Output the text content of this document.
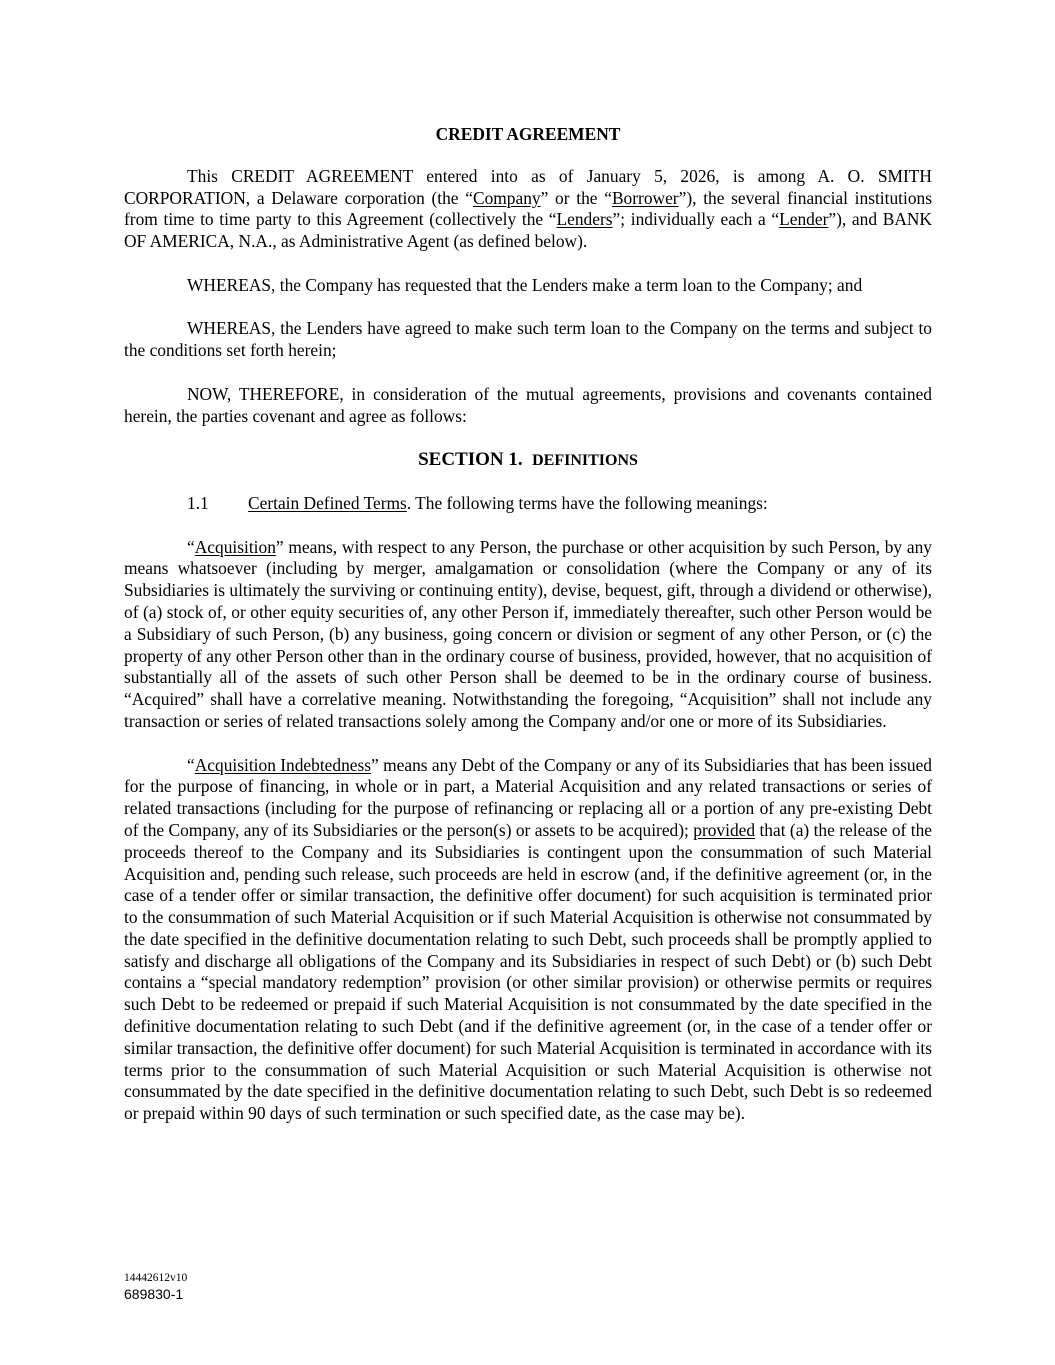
CREDIT AGREEMENT

This CREDIT AGREEMENT entered into as of January 5, 2026, is among A. O. SMITH CORPORATION, a Delaware corporation (the “Company” or the “Borrower”), the several financial institutions from time to time party to this Agreement (collectively the “Lenders”; individually each a “Lender”), and BANK OF AMERICA, N.A., as Administrative Agent (as defined below).

WHEREAS, the Company has requested that the Lenders make a term loan to the Company; and

WHEREAS, the Lenders have agreed to make such term loan to the Company on the terms and subject to the conditions set forth herein;

NOW, THEREFORE, in consideration of the mutual agreements, provisions and covenants contained herein, the parties covenant and agree as follows:

SECTION 1. DEFINITIONS

1.1 Certain Defined Terms. The following terms have the following meanings:

“Acquisition” means, with respect to any Person, the purchase or other acquisition by such Person, by any means whatsoever (including by merger, amalgamation or consolidation (where the Company or any of its Subsidiaries is ultimately the surviving or continuing entity), devise, bequest, gift, through a dividend or otherwise), of (a) stock of, or other equity securities of, any other Person if, immediately thereafter, such other Person would be a Subsidiary of such Person, (b) any business, going concern or division or segment of any other Person, or (c) the property of any other Person other than in the ordinary course of business, provided, however, that no acquisition of substantially all of the assets of such other Person shall be deemed to be in the ordinary course of business. “Acquired” shall have a correlative meaning. Notwithstanding the foregoing, “Acquisition” shall not include any transaction or series of related transactions solely among the Company and/or one or more of its Subsidiaries.

“Acquisition Indebtedness” means any Debt of the Company or any of its Subsidiaries that has been issued for the purpose of financing, in whole or in part, a Material Acquisition and any related transactions or series of related transactions (including for the purpose of refinancing or replacing all or a portion of any pre-existing Debt of the Company, any of its Subsidiaries or the person(s) or assets to be acquired); provided that (a) the release of the proceeds thereof to the Company and its Subsidiaries is contingent upon the consummation of such Material Acquisition and, pending such release, such proceeds are held in escrow (and, if the definitive agreement (or, in the case of a tender offer or similar transaction, the definitive offer document) for such acquisition is terminated prior to the consummation of such Material Acquisition or if such Material Acquisition is otherwise not consummated by the date specified in the definitive documentation relating to such Debt, such proceeds shall be promptly applied to satisfy and discharge all obligations of the Company and its Subsidiaries in respect of such Debt) or (b) such Debt contains a “special mandatory redemption” provision (or other similar provision) or otherwise permits or requires such Debt to be redeemed or prepaid if such Material Acquisition is not consummated by the date specified in the definitive documentation relating to such Debt (and if the definitive agreement (or, in the case of a tender offer or similar transaction, the definitive offer document) for such Material Acquisition is terminated in accordance with its terms prior to the consummation of such Material Acquisition or such Material Acquisition is otherwise not consummated by the date specified in the definitive documentation relating to such Debt, such Debt is so redeemed or prepaid within 90 days of such termination or such specified date, as the case may be).

14442612v10
689830-1
